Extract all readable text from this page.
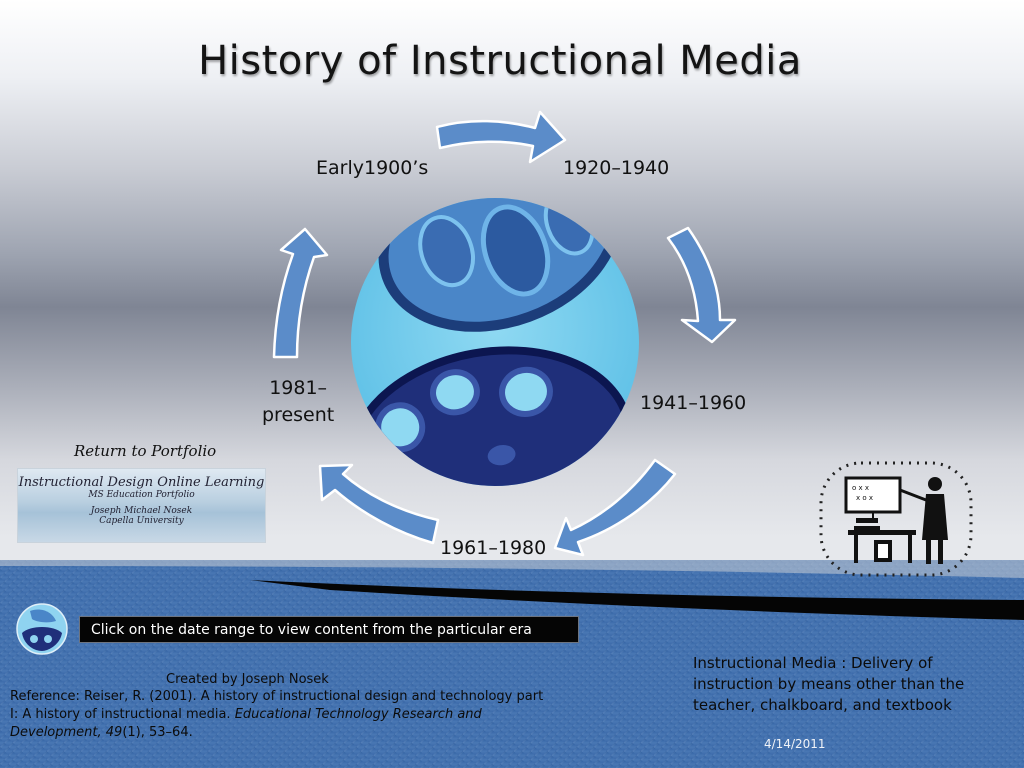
History of Instructional Media
Early1900’s	1920–1940
1941–1960
1961–1980
1981–
present
Return to Portfolio
Instructional Design Online Learning
MS Education Portfolio
Joseph Michael Nosek
Capella University
o x x
x o x
Click on the date range to view content from the particular era
Created by Joseph Nosek
Reference: Reiser, R. (2001). A history of instructional design and technology part I: A history of instructional media. Educational Technology Research and Development, 49(1), 53–64.
Instructional Media : Delivery of instruction by means other than the teacher, chalkboard, and textbook
4/14/2011
